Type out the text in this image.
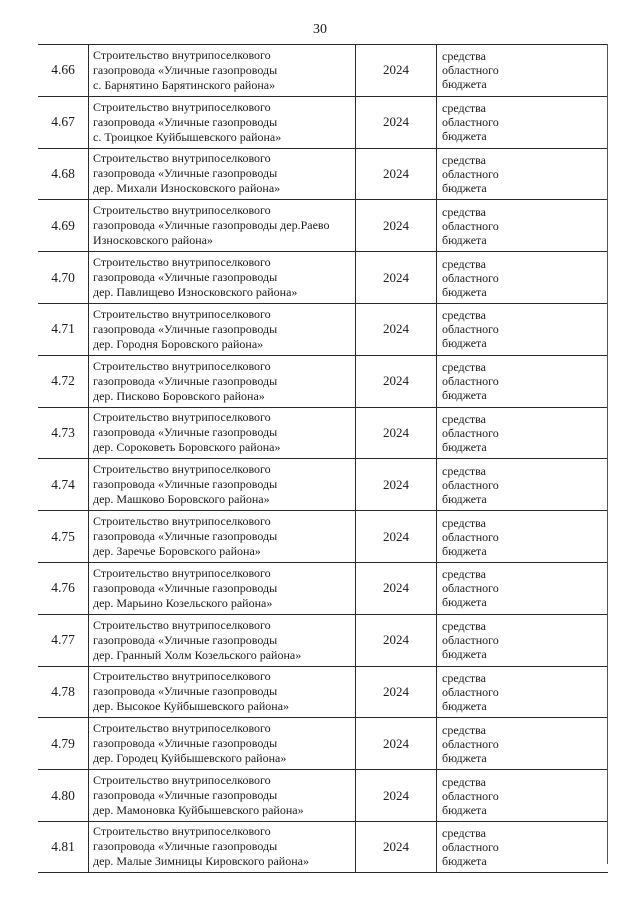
30
4.66
Строительство внутрипоселкового
газопровода «Уличные газопроводы
с. Барнятино Барятинского района»
2024
средства областного бюджета
4.67
Строительство внутрипоселкового
газопровода «Уличные газопроводы
с. Троицкое Куйбышевского района»
2024
средства областного бюджета
4.68
Строительство внутрипоселкового
газопровода «Уличные газопроводы
дер. Михали Износковского района»
2024
средства областного бюджета
4.69
Строительство внутрипоселкового
газопровода «Уличные газопроводы дер.Раево
Износковского района»
2024
средства областного бюджета
4.70
Строительство внутрипоселкового
газопровода «Уличные газопроводы
дер. Павлищево Износковского района»
2024
средства областного бюджета
4.71
Строительство внутрипоселкового
газопровода «Уличные газопроводы
дер. Городня Боровского района»
2024
средства областного бюджета
4.72
Строительство внутрипоселкового
газопровода «Уличные газопроводы
дер. Писково Боровского района»
2024
средства областного бюджета
4.73
Строительство внутрипоселкового
газопровода «Уличные газопроводы
дер. Сороковеть Боровского района»
2024
средства областного бюджета
4.74
Строительство внутрипоселкового
газопровода «Уличные газопроводы
дер. Машково Боровского района»
2024
средства областного бюджета
4.75
Строительство внутрипоселкового
газопровода «Уличные газопроводы
дер. Заречье Боровского района»
2024
средства областного бюджета
4.76
Строительство внутрипоселкового
газопровода «Уличные газопроводы
дер. Марьино Козельского района»
2024
средства областного бюджета
4.77
Строительство внутрипоселкового
газопровода «Уличные газопроводы
дер. Гранный Холм Козельского района»
2024
средства областного бюджета
4.78
Строительство внутрипоселкового
газопровода «Уличные газопроводы
дер. Высокое Куйбышевского района»
2024
средства областного бюджета
4.79
Строительство внутрипоселкового
газопровода «Уличные газопроводы
дер. Городец Куйбышевского района»
2024
средства областного бюджета
4.80
Строительство внутрипоселкового
газопровода «Уличные газопроводы
дер. Мамоновка Куйбышевского района»
2024
средства областного бюджета
4.81
Строительство внутрипоселкового
газопровода «Уличные газопроводы
дер. Малые Зимницы Кировского района»
2024
средства областного бюджета
